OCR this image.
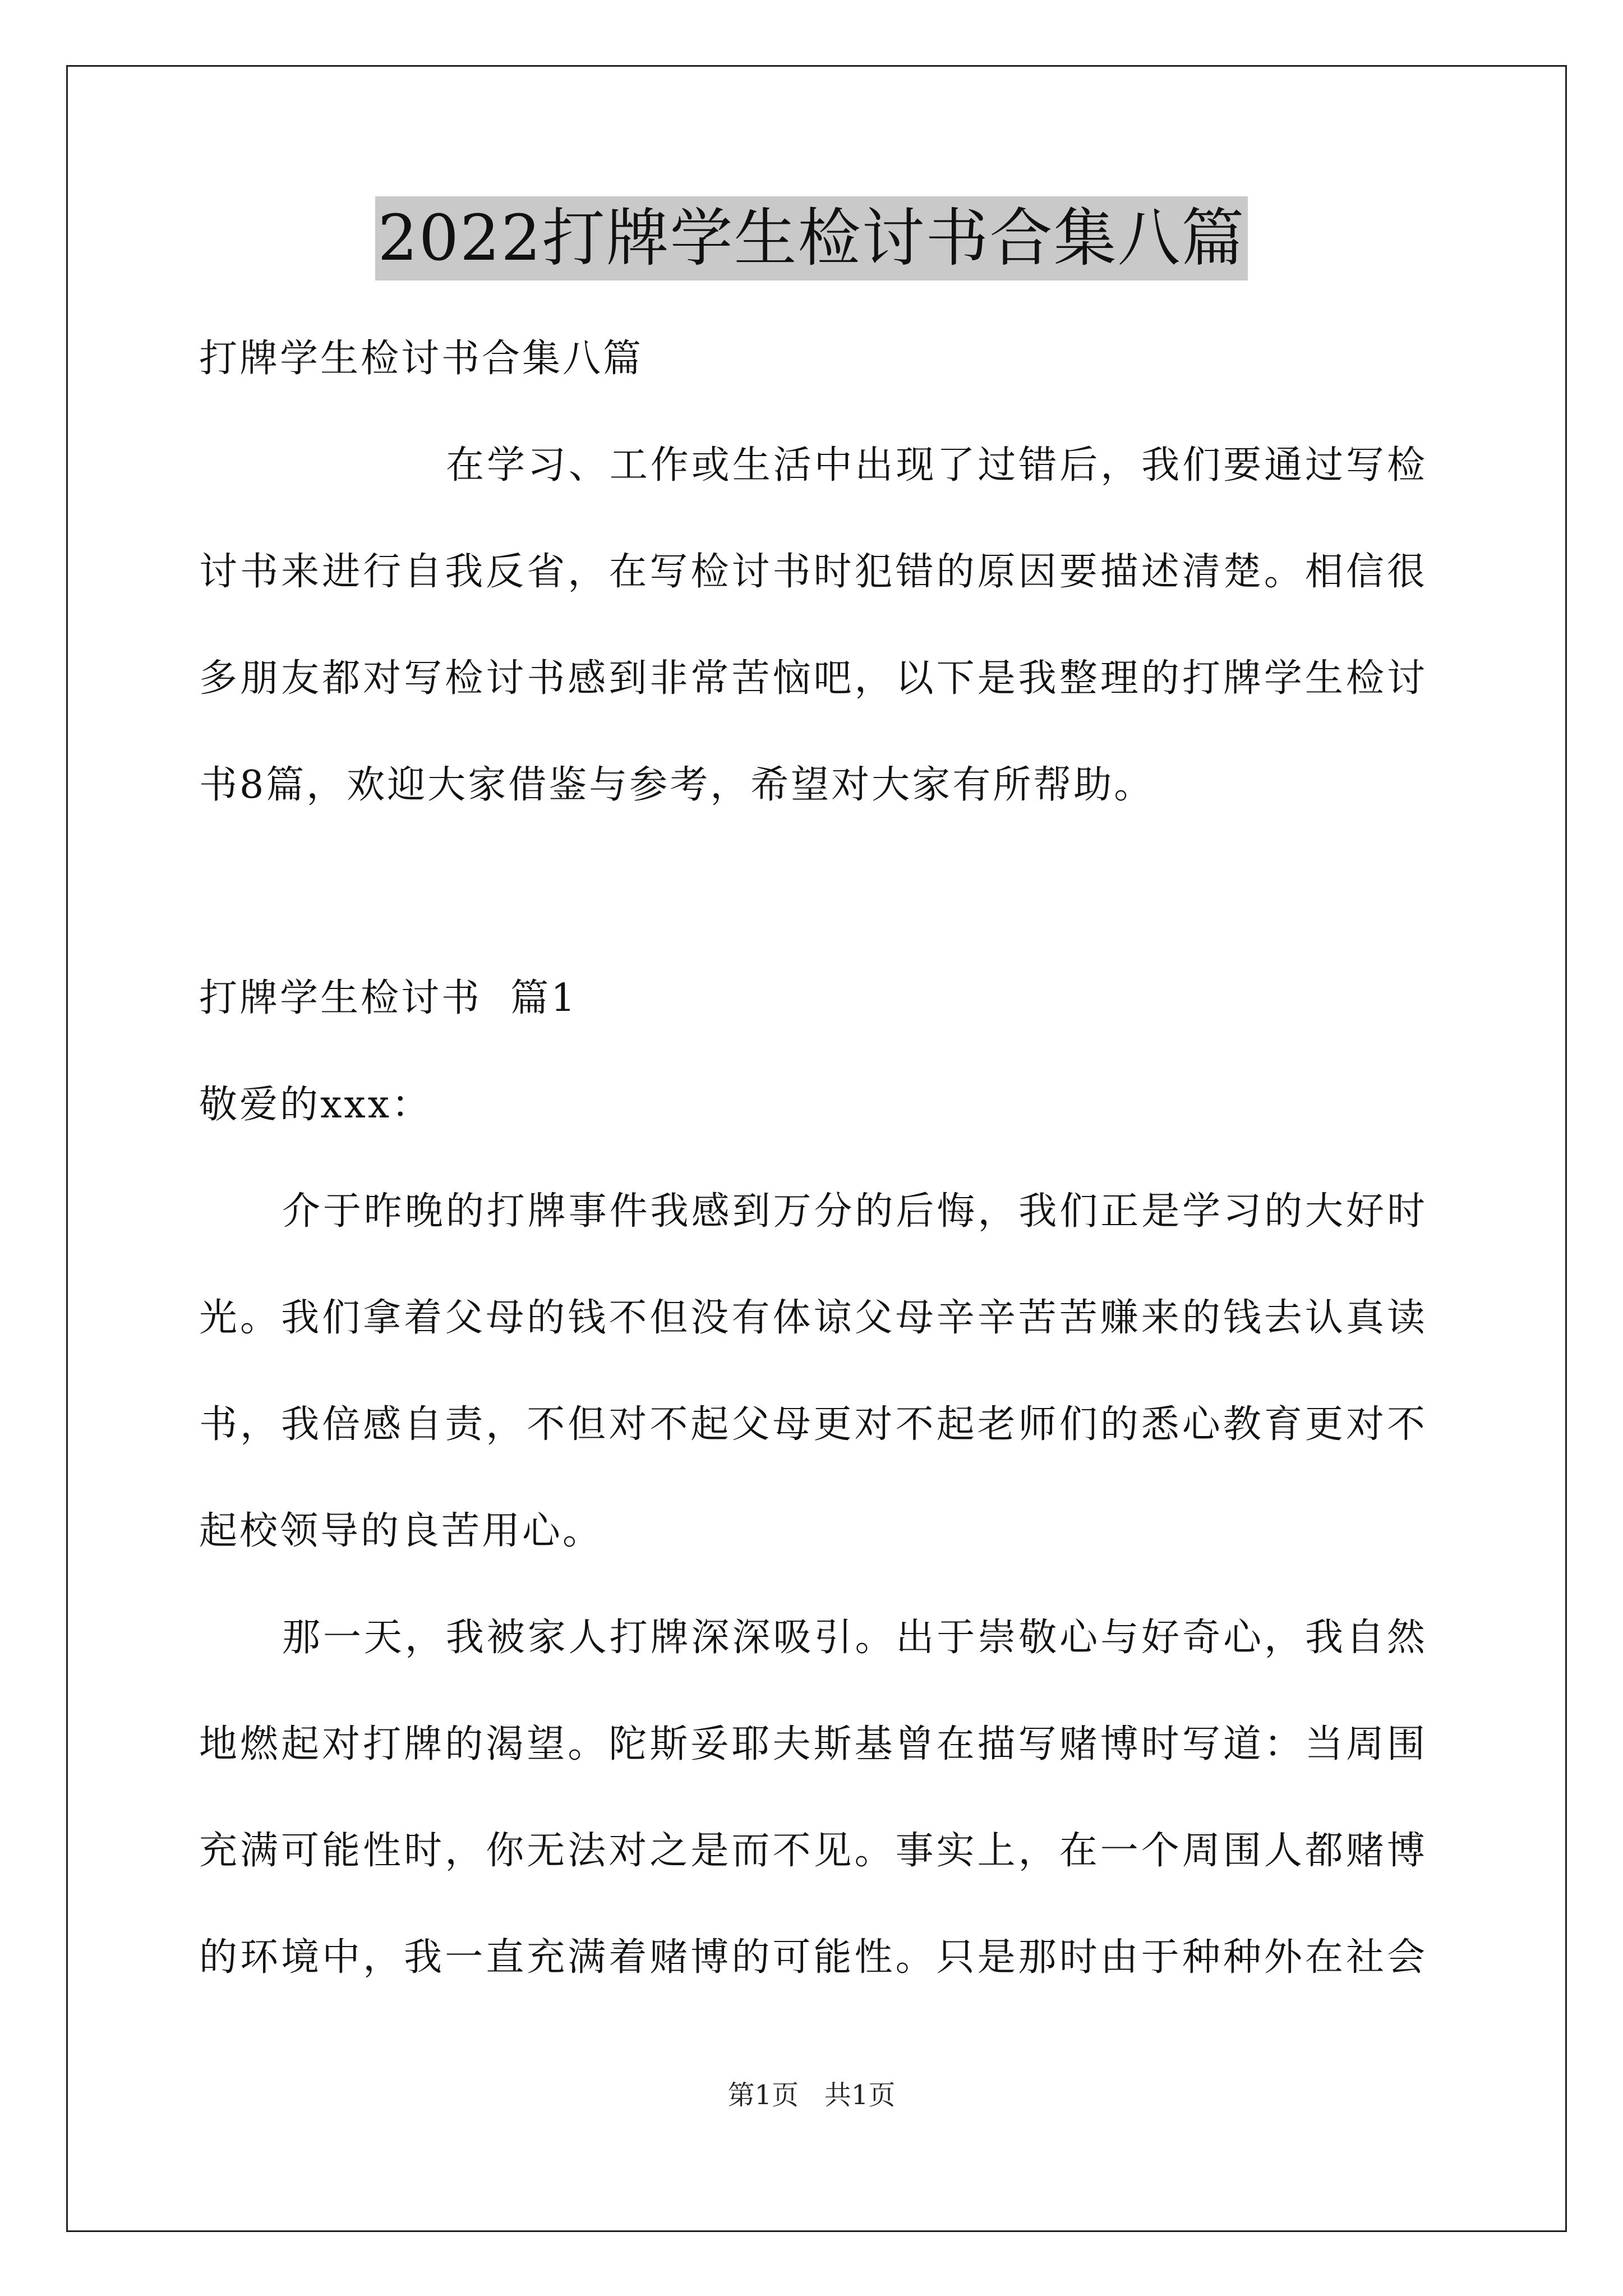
2022打牌学生检讨书合集八篇
打牌学生检讨书合集八篇
在学习、工作或生活中出现了过错后，我们要通过写检
讨书来进行自我反省，在写检讨书时犯错的原因要描述清楚。相信很
多朋友都对写检讨书感到非常苦恼吧，以下是我整理的打牌学生检讨
书8篇，欢迎大家借鉴与参考，希望对大家有所帮助。
打牌学生检讨书  篇1
敬爱的xxx：
介于昨晚的打牌事件我感到万分的后悔，我们正是学习的大好时
光。我们拿着父母的钱不但没有体谅父母辛辛苦苦赚来的钱去认真读
书，我倍感自责，不但对不起父母更对不起老师们的悉心教育更对不
起校领导的良苦用心。
那一天，我被家人打牌深深吸引。出于崇敬心与好奇心，我自然
地燃起对打牌的渴望。陀斯妥耶夫斯基曾在描写赌博时写道：当周围
充满可能性时，你无法对之是而不见。事实上，在一个周围人都赌博
的环境中，我一直充满着赌博的可能性。只是那时由于种种外在社会
第1页   共1页
